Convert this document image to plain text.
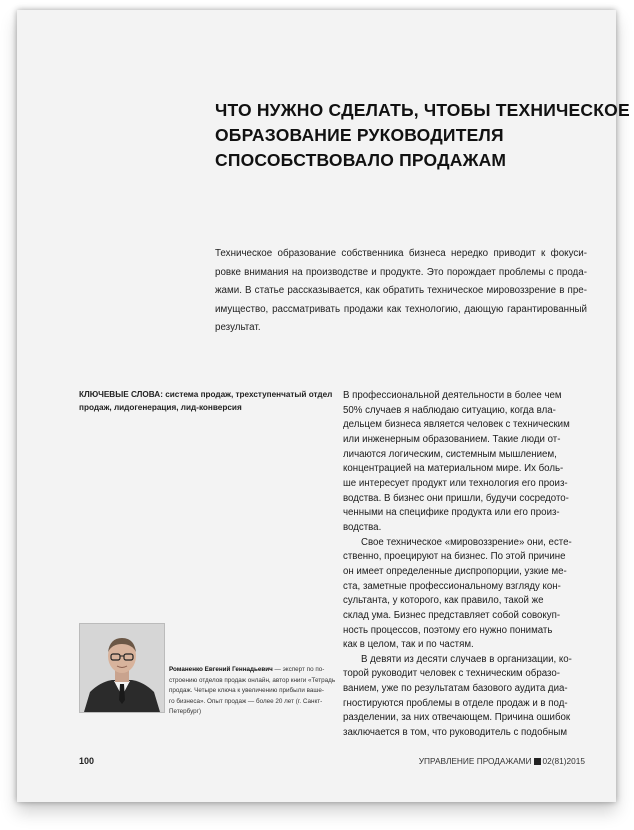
ЧТО НУЖНО СДЕЛАТЬ, ЧТОБЫ ТЕХНИЧЕСКОЕ
ОБРАЗОВАНИЕ РУКОВОДИТЕЛЯ
СПОСОБСТВОВАЛО ПРОДАЖАМ
Техническое образование собственника бизнеса нередко приводит к фокуси-
ровке внимания на производстве и продукте. Это порождает проблемы с прода-
жами. В статье рассказывается, как обратить техническое мировоззрение в пре-
имущество, рассматривать продажи как технологию, дающую гарантированный
результат.
КЛЮЧЕВЫЕ СЛОВА: система продаж, трехступенчатый отдел
продаж, лидогенерация, лид-конверсия
Романенко Евгений Геннадьевич — эксперт по по-
строению отделов продаж онлайн, автор книги «Тетрадь
продаж. Четыре ключа к увеличению прибыли ваше-
го бизнеса». Опыт продаж — более 20 лет (г. Санкт-
Петербург)
В профессиональной деятельности в более чем
50% случаев я наблюдаю ситуацию, когда вла-
дельцем бизнеса является человек с техническим
или инженерным образованием. Такие люди от-
личаются логическим, системным мышлением,
концентрацией на материальном мире. Их боль-
ше интересует продукт или технология его произ-
водства. В бизнес они пришли, будучи сосредото-
ченными на специфике продукта или его произ-
водства.
Свое техническое «мировоззрение» они, есте-
ственно, проецируют на бизнес. По этой причине
он имеет определенные диспропорции, узкие ме-
ста, заметные профессиональному взгляду кон-
сультанта, у которого, как правило, такой же
склад ума. Бизнес представляет собой совокуп-
ность процессов, поэтому его нужно понимать
как в целом, так и по частям.
В девяти из десяти случаев в организации, ко-
торой руководит человек с техническим образо-
ванием, уже по результатам базового аудита диа-
гностируются проблемы в отделе продаж и в под-
разделении, за них отвечающем. Причина ошибок
заключается в том, что руководитель с подобным
100	УПРАВЛЕНИЕ ПРОДАЖАМИ 02(81)2015
